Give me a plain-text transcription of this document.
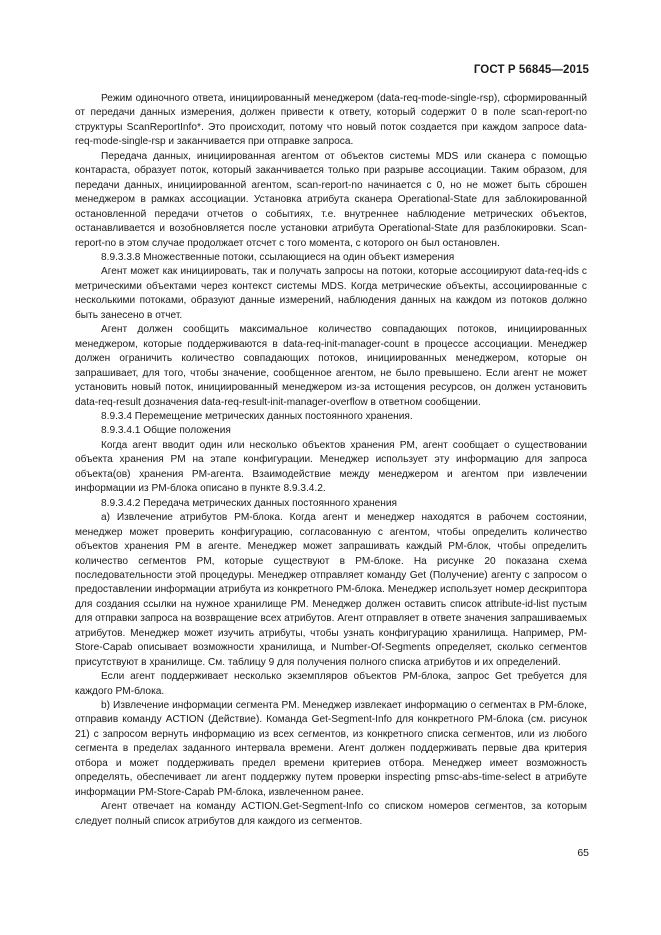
ГОСТ Р 56845—2015

Режим одиночного ответа, инициированный менеджером (data-req-mode-single-rsp), сформированный от передачи данных измерения, должен привести к ответу, который содержит 0 в поле scan-report-no структуры ScanReportInfo*. Это происходит, потому что новый поток создается при каждом запросе data-req-mode-single-rsp и заканчивается при отправке запроса.

Передача данных, инициированная агентом от объектов системы MDS или сканера с помощью контараста, образует поток, который заканчивается только при разрыве ассоциации. Таким образом, для передачи данных, инициированной агентом, scan-report-no начинается с 0, но не может быть сброшен менеджером в рамках ассоциации. Установка атрибута сканера Operational-State для заблокированной остановленной передачи отчетов о событиях, т.е. внутреннее наблюдение метрических объектов, останавливается и возобновляется после установки атрибута Operational-State для разблокировки. Scan-report-no в этом случае продолжает отсчет с того момента, с которого он был остановлен.

8.9.3.3.8 Множественные потоки, ссылающиеся на один объект измерения

Агент может как инициировать, так и получать запросы на потоки, которые ассоциируют data-req-ids с метрическими объектами через контекст системы MDS. Когда метрические объекты, ассоциированные с несколькими потоками, образуют данные измерений, наблюдения данных на каждом из потоков должно быть занесено в отчет.

Агент должен сообщить максимальное количество совпадающих потоков, инициированных менеджером, которые поддерживаются в data-req-init-manager-count в процессе ассоциации. Менеджер должен ограничить количество совпадающих потоков, инициированных менеджером, которые он запрашивает, для того, чтобы значение, сообщенное агентом, не было превышено. Если агент не может установить новый поток, инициированный менеджером из-за истощения ресурсов, он должен установить data-req-result дозначения data-req-result-init-manager-overflow в ответном сообщении.

8.9.3.4 Перемещение метрических данных постоянного хранения.

8.9.3.4.1 Общие положения

Когда агент вводит один или несколько объектов хранения PM, агент сообщает о существовании объекта хранения PM на этапе конфигурации. Менеджер использует эту информацию для запроса объекта(ов) хранения PM-агента. Взаимодействие между менеджером и агентом при извлечении информации из PM-блока описано в пункте 8.9.3.4.2.

8.9.3.4.2 Передача метрических данных постоянного хранения

а) Извлечение атрибутов PM-блока. Когда агент и менеджер находятся в рабочем состоянии, менеджер может проверить конфигурацию, согласованную с агентом, чтобы определить количество объектов хранения PM в агенте. Менеджер может запрашивать каждый PM-блок, чтобы определить количество сегментов PM, которые существуют в PM-блоке. На рисунке 20 показана схема последовательности этой процедуры. Менеджер отправляет команду Get (Получение) агенту с запросом о предоставлении информации атрибута из конкретного PM-блока. Менеджер использует номер дескриптора для создания ссылки на нужное хранилище PM. Менеджер должен оставить список attribute-id-list пустым для отправки запроса на возвращение всех атрибутов. Агент отправляет в ответе значения запрашиваемых атрибутов. Менеджер может изучить атрибуты, чтобы узнать конфигурацию хранилища. Например, PM-Store-Capab описывает возможности хранилища, и Number-Of-Segments определяет, сколько сегментов присутствуют в хранилище. См. таблицу 9 для получения полного списка атрибутов и их определений.

Если агент поддерживает несколько экземпляров объектов PM-блока, запрос Get требуется для каждого PM-блока.

b) Извлечение информации сегмента PM. Менеджер извлекает информацию о сегментах в PM-блоке, отправив команду ACTION (Действие). Команда Get-Segment-Info для конкретного PM-блока (см. рисунок 21) с запросом вернуть информацию из всех сегментов, из конкретного списка сегментов, или из любого сегмента в пределах заданного интервала времени. Агент должен поддерживать первые два критерия отбора и может поддерживать предел времени критериев отбора. Менеджер имеет возможность определять, обеспечивает ли агент поддержку путем проверки inspecting pmsc-abs-time-select в атрибуте информации PM-Store-Capab PM-блока, извлеченном ранее.

Агент отвечает на команду ACTION.Get-Segment-Info со списком номеров сегментов, за которым следует полный список атрибутов для каждого из сегментов.

65
